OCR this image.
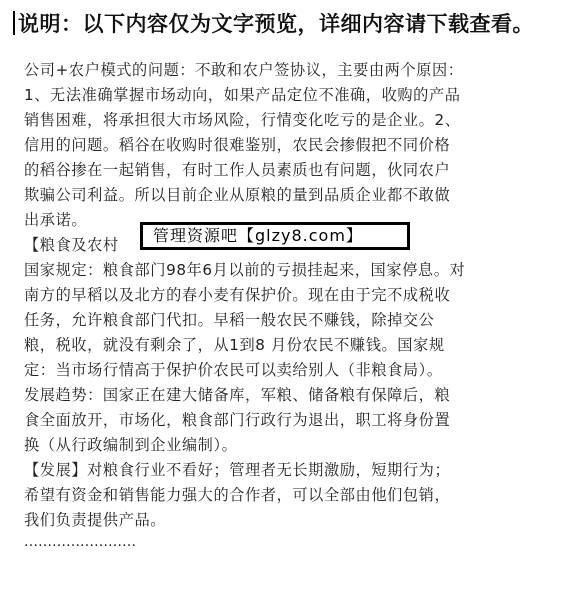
说明：以下内容仅为文字预览，详细内容请下载查看。

公司+农户模式的问题：不敢和农户签协议，主要由两个原因：

1、无法准确掌握市场动向，如果产品定位不准确，收购的产品

销售困难，将承担很大市场风险，行情变化吃亏的是企业。2、

信用的问题。稻谷在收购时很难鉴别，农民会掺假把不同价格

的稻谷掺在一起销售，有时工作人员素质也有问题，伙同农户

欺骗公司利益。所以目前企业从原粮的量到品质企业都不敢做

出承诺。

【粮食及农村

国家规定：粮食部门98年6月以前的亏损挂起来，国家停息。对

南方的早稻以及北方的春小麦有保护价。现在由于完不成税收

任务，允许粮食部门代扣。早稻一般农民不赚钱，除掉交公

粮，税收，就没有剩余了，从1到8 月份农民不赚钱。国家规

定：当市场行情高于保护价农民可以卖给别人（非粮食局）。

发展趋势：国家正在建大储备库，军粮、储备粮有保障后，粮

食全面放开，市场化，粮食部门行政行为退出，职工将身份置

换（从行政编制到企业编制）。

【发展】对粮食行业不看好；管理者无长期激励，短期行为；

希望有资金和销售能力强大的合作者，可以全部由他们包销，

我们负责提供产品。

管理资源吧【glzy8.com】
……………………
